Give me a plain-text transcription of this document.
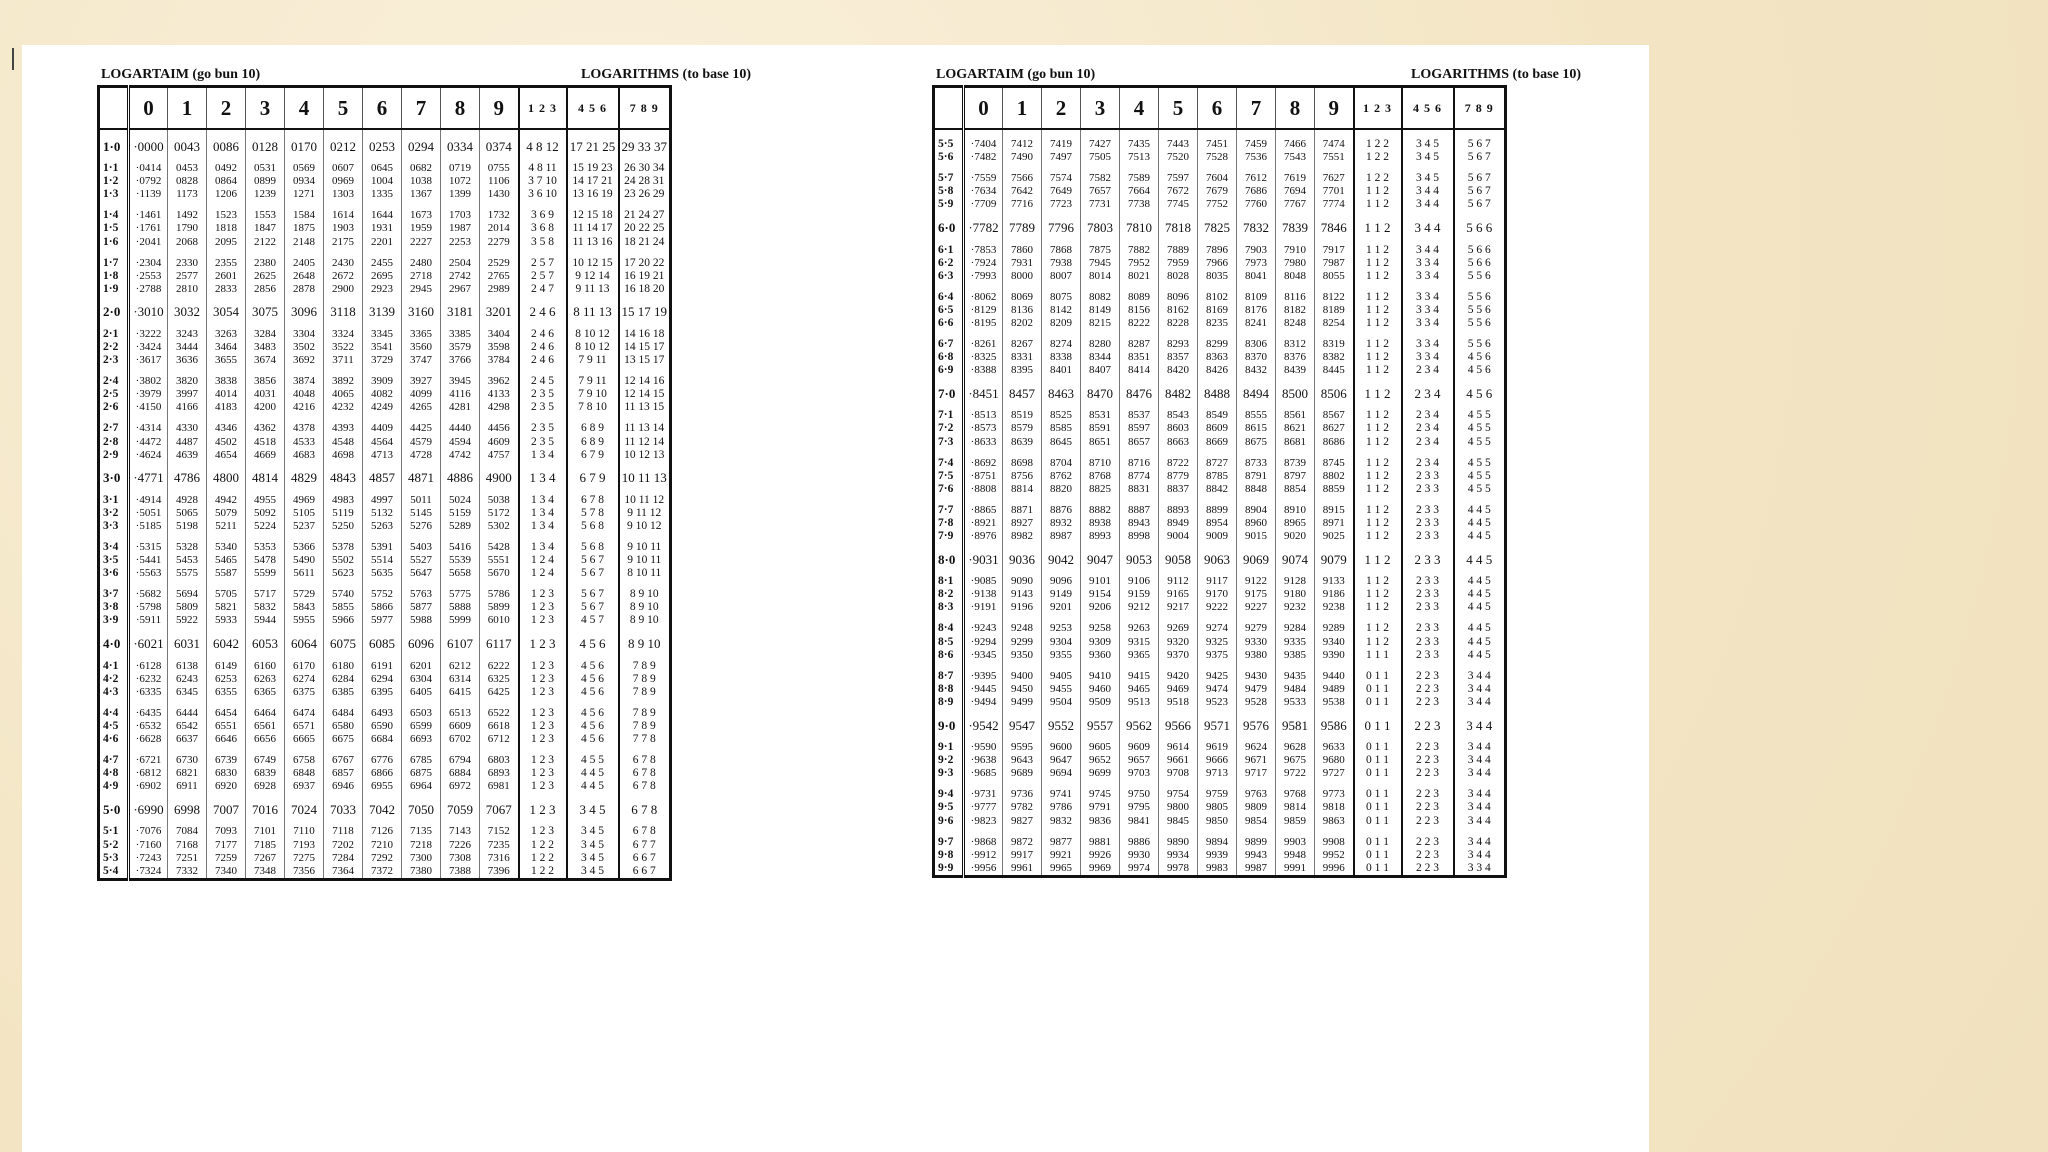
LOGARTAIM (go bun 10)	LOGARITHMS (to base 10)
	0	1	2	3	4	5	6	7	8	9	1 2 3	4 5 6	7 8 9

1·0	·0000	0043	0086	0128	0170	0212	0253	0294	0334	0374	4 8 12	17 21 25	29 33 37

1·1	·0414	0453	0492	0531	0569	0607	0645	0682	0719	0755	4 8 11	15 19 23	26 30 34
1·2	·0792	0828	0864	0899	0934	0969	1004	1038	1072	1106	3 7 10	14 17 21	24 28 31
1·3	·1139	1173	1206	1239	1271	1303	1335	1367	1399	1430	3 6 10	13 16 19	23 26 29

1·4	·1461	1492	1523	1553	1584	1614	1644	1673	1703	1732	3 6 9	12 15 18	21 24 27
1·5	·1761	1790	1818	1847	1875	1903	1931	1959	1987	2014	3 6 8	11 14 17	20 22 25
1·6	·2041	2068	2095	2122	2148	2175	2201	2227	2253	2279	3 5 8	11 13 16	18 21 24

1·7	·2304	2330	2355	2380	2405	2430	2455	2480	2504	2529	2 5 7	10 12 15	17 20 22
1·8	·2553	2577	2601	2625	2648	2672	2695	2718	2742	2765	2 5 7	9 12 14	16 19 21
1·9	·2788	2810	2833	2856	2878	2900	2923	2945	2967	2989	2 4 7	9 11 13	16 18 20

2·0	·3010	3032	3054	3075	3096	3118	3139	3160	3181	3201	2 4 6	8 11 13	15 17 19

2·1	·3222	3243	3263	3284	3304	3324	3345	3365	3385	3404	2 4 6	8 10 12	14 16 18
2·2	·3424	3444	3464	3483	3502	3522	3541	3560	3579	3598	2 4 6	8 10 12	14 15 17
2·3	·3617	3636	3655	3674	3692	3711	3729	3747	3766	3784	2 4 6	7 9 11	13 15 17

2·4	·3802	3820	3838	3856	3874	3892	3909	3927	3945	3962	2 4 5	7 9 11	12 14 16
2·5	·3979	3997	4014	4031	4048	4065	4082	4099	4116	4133	2 3 5	7 9 10	12 14 15
2·6	·4150	4166	4183	4200	4216	4232	4249	4265	4281	4298	2 3 5	7 8 10	11 13 15

2·7	·4314	4330	4346	4362	4378	4393	4409	4425	4440	4456	2 3 5	6 8 9	11 13 14
2·8	·4472	4487	4502	4518	4533	4548	4564	4579	4594	4609	2 3 5	6 8 9	11 12 14
2·9	·4624	4639	4654	4669	4683	4698	4713	4728	4742	4757	1 3 4	6 7 9	10 12 13

3·0	·4771	4786	4800	4814	4829	4843	4857	4871	4886	4900	1 3 4	6 7 9	10 11 13

3·1	·4914	4928	4942	4955	4969	4983	4997	5011	5024	5038	1 3 4	6 7 8	10 11 12
3·2	·5051	5065	5079	5092	5105	5119	5132	5145	5159	5172	1 3 4	5 7 8	9 11 12
3·3	·5185	5198	5211	5224	5237	5250	5263	5276	5289	5302	1 3 4	5 6 8	9 10 12

3·4	·5315	5328	5340	5353	5366	5378	5391	5403	5416	5428	1 3 4	5 6 8	9 10 11
3·5	·5441	5453	5465	5478	5490	5502	5514	5527	5539	5551	1 2 4	5 6 7	9 10 11
3·6	·5563	5575	5587	5599	5611	5623	5635	5647	5658	5670	1 2 4	5 6 7	8 10 11

3·7	·5682	5694	5705	5717	5729	5740	5752	5763	5775	5786	1 2 3	5 6 7	8 9 10
3·8	·5798	5809	5821	5832	5843	5855	5866	5877	5888	5899	1 2 3	5 6 7	8 9 10
3·9	·5911	5922	5933	5944	5955	5966	5977	5988	5999	6010	1 2 3	4 5 7	8 9 10

4·0	·6021	6031	6042	6053	6064	6075	6085	6096	6107	6117	1 2 3	4 5 6	8 9 10

4·1	·6128	6138	6149	6160	6170	6180	6191	6201	6212	6222	1 2 3	4 5 6	7 8 9
4·2	·6232	6243	6253	6263	6274	6284	6294	6304	6314	6325	1 2 3	4 5 6	7 8 9
4·3	·6335	6345	6355	6365	6375	6385	6395	6405	6415	6425	1 2 3	4 5 6	7 8 9

4·4	·6435	6444	6454	6464	6474	6484	6493	6503	6513	6522	1 2 3	4 5 6	7 8 9
4·5	·6532	6542	6551	6561	6571	6580	6590	6599	6609	6618	1 2 3	4 5 6	7 8 9
4·6	·6628	6637	6646	6656	6665	6675	6684	6693	6702	6712	1 2 3	4 5 6	7 7 8

4·7	·6721	6730	6739	6749	6758	6767	6776	6785	6794	6803	1 2 3	4 5 5	6 7 8
4·8	·6812	6821	6830	6839	6848	6857	6866	6875	6884	6893	1 2 3	4 4 5	6 7 8
4·9	·6902	6911	6920	6928	6937	6946	6955	6964	6972	6981	1 2 3	4 4 5	6 7 8

5·0	·6990	6998	7007	7016	7024	7033	7042	7050	7059	7067	1 2 3	3 4 5	6 7 8

5·1	·7076	7084	7093	7101	7110	7118	7126	7135	7143	7152	1 2 3	3 4 5	6 7 8
5·2	·7160	7168	7177	7185	7193	7202	7210	7218	7226	7235	1 2 2	3 4 5	6 7 7
5·3	·7243	7251	7259	7267	7275	7284	7292	7300	7308	7316	1 2 2	3 4 5	6 6 7
5·4	·7324	7332	7340	7348	7356	7364	7372	7380	7388	7396	1 2 2	3 4 5	6 6 7
LOGARTAIM (go bun 10)	LOGARITHMS (to base 10)
	0	1	2	3	4	5	6	7	8	9	1 2 3	4 5 6	7 8 9

5·5	·7404	7412	7419	7427	7435	7443	7451	7459	7466	7474	1 2 2	3 4 5	5 6 7
5·6	·7482	7490	7497	7505	7513	7520	7528	7536	7543	7551	1 2 2	3 4 5	5 6 7

5·7	·7559	7566	7574	7582	7589	7597	7604	7612	7619	7627	1 2 2	3 4 5	5 6 7
5·8	·7634	7642	7649	7657	7664	7672	7679	7686	7694	7701	1 1 2	3 4 4	5 6 7
5·9	·7709	7716	7723	7731	7738	7745	7752	7760	7767	7774	1 1 2	3 4 4	5 6 7

6·0	·7782	7789	7796	7803	7810	7818	7825	7832	7839	7846	1 1 2	3 4 4	5 6 6

6·1	·7853	7860	7868	7875	7882	7889	7896	7903	7910	7917	1 1 2	3 4 4	5 6 6
6·2	·7924	7931	7938	7945	7952	7959	7966	7973	7980	7987	1 1 2	3 3 4	5 6 6
6·3	·7993	8000	8007	8014	8021	8028	8035	8041	8048	8055	1 1 2	3 3 4	5 5 6

6·4	·8062	8069	8075	8082	8089	8096	8102	8109	8116	8122	1 1 2	3 3 4	5 5 6
6·5	·8129	8136	8142	8149	8156	8162	8169	8176	8182	8189	1 1 2	3 3 4	5 5 6
6·6	·8195	8202	8209	8215	8222	8228	8235	8241	8248	8254	1 1 2	3 3 4	5 5 6

6·7	·8261	8267	8274	8280	8287	8293	8299	8306	8312	8319	1 1 2	3 3 4	5 5 6
6·8	·8325	8331	8338	8344	8351	8357	8363	8370	8376	8382	1 1 2	3 3 4	4 5 6
6·9	·8388	8395	8401	8407	8414	8420	8426	8432	8439	8445	1 1 2	2 3 4	4 5 6

7·0	·8451	8457	8463	8470	8476	8482	8488	8494	8500	8506	1 1 2	2 3 4	4 5 6

7·1	·8513	8519	8525	8531	8537	8543	8549	8555	8561	8567	1 1 2	2 3 4	4 5 5
7·2	·8573	8579	8585	8591	8597	8603	8609	8615	8621	8627	1 1 2	2 3 4	4 5 5
7·3	·8633	8639	8645	8651	8657	8663	8669	8675	8681	8686	1 1 2	2 3 4	4 5 5

7·4	·8692	8698	8704	8710	8716	8722	8727	8733	8739	8745	1 1 2	2 3 4	4 5 5
7·5	·8751	8756	8762	8768	8774	8779	8785	8791	8797	8802	1 1 2	2 3 3	4 5 5
7·6	·8808	8814	8820	8825	8831	8837	8842	8848	8854	8859	1 1 2	2 3 3	4 5 5

7·7	·8865	8871	8876	8882	8887	8893	8899	8904	8910	8915	1 1 2	2 3 3	4 4 5
7·8	·8921	8927	8932	8938	8943	8949	8954	8960	8965	8971	1 1 2	2 3 3	4 4 5
7·9	·8976	8982	8987	8993	8998	9004	9009	9015	9020	9025	1 1 2	2 3 3	4 4 5

8·0	·9031	9036	9042	9047	9053	9058	9063	9069	9074	9079	1 1 2	2 3 3	4 4 5

8·1	·9085	9090	9096	9101	9106	9112	9117	9122	9128	9133	1 1 2	2 3 3	4 4 5
8·2	·9138	9143	9149	9154	9159	9165	9170	9175	9180	9186	1 1 2	2 3 3	4 4 5
8·3	·9191	9196	9201	9206	9212	9217	9222	9227	9232	9238	1 1 2	2 3 3	4 4 5

8·4	·9243	9248	9253	9258	9263	9269	9274	9279	9284	9289	1 1 2	2 3 3	4 4 5
8·5	·9294	9299	9304	9309	9315	9320	9325	9330	9335	9340	1 1 2	2 3 3	4 4 5
8·6	·9345	9350	9355	9360	9365	9370	9375	9380	9385	9390	1 1 1	2 3 3	4 4 5

8·7	·9395	9400	9405	9410	9415	9420	9425	9430	9435	9440	0 1 1	2 2 3	3 4 4
8·8	·9445	9450	9455	9460	9465	9469	9474	9479	9484	9489	0 1 1	2 2 3	3 4 4
8·9	·9494	9499	9504	9509	9513	9518	9523	9528	9533	9538	0 1 1	2 2 3	3 4 4

9·0	·9542	9547	9552	9557	9562	9566	9571	9576	9581	9586	0 1 1	2 2 3	3 4 4

9·1	·9590	9595	9600	9605	9609	9614	9619	9624	9628	9633	0 1 1	2 2 3	3 4 4
9·2	·9638	9643	9647	9652	9657	9661	9666	9671	9675	9680	0 1 1	2 2 3	3 4 4
9·3	·9685	9689	9694	9699	9703	9708	9713	9717	9722	9727	0 1 1	2 2 3	3 4 4

9·4	·9731	9736	9741	9745	9750	9754	9759	9763	9768	9773	0 1 1	2 2 3	3 4 4
9·5	·9777	9782	9786	9791	9795	9800	9805	9809	9814	9818	0 1 1	2 2 3	3 4 4
9·6	·9823	9827	9832	9836	9841	9845	9850	9854	9859	9863	0 1 1	2 2 3	3 4 4

9·7	·9868	9872	9877	9881	9886	9890	9894	9899	9903	9908	0 1 1	2 2 3	3 4 4
9·8	·9912	9917	9921	9926	9930	9934	9939	9943	9948	9952	0 1 1	2 2 3	3 4 4
9·9	·9956	9961	9965	9969	9974	9978	9983	9987	9991	9996	0 1 1	2 2 3	3 3 4
